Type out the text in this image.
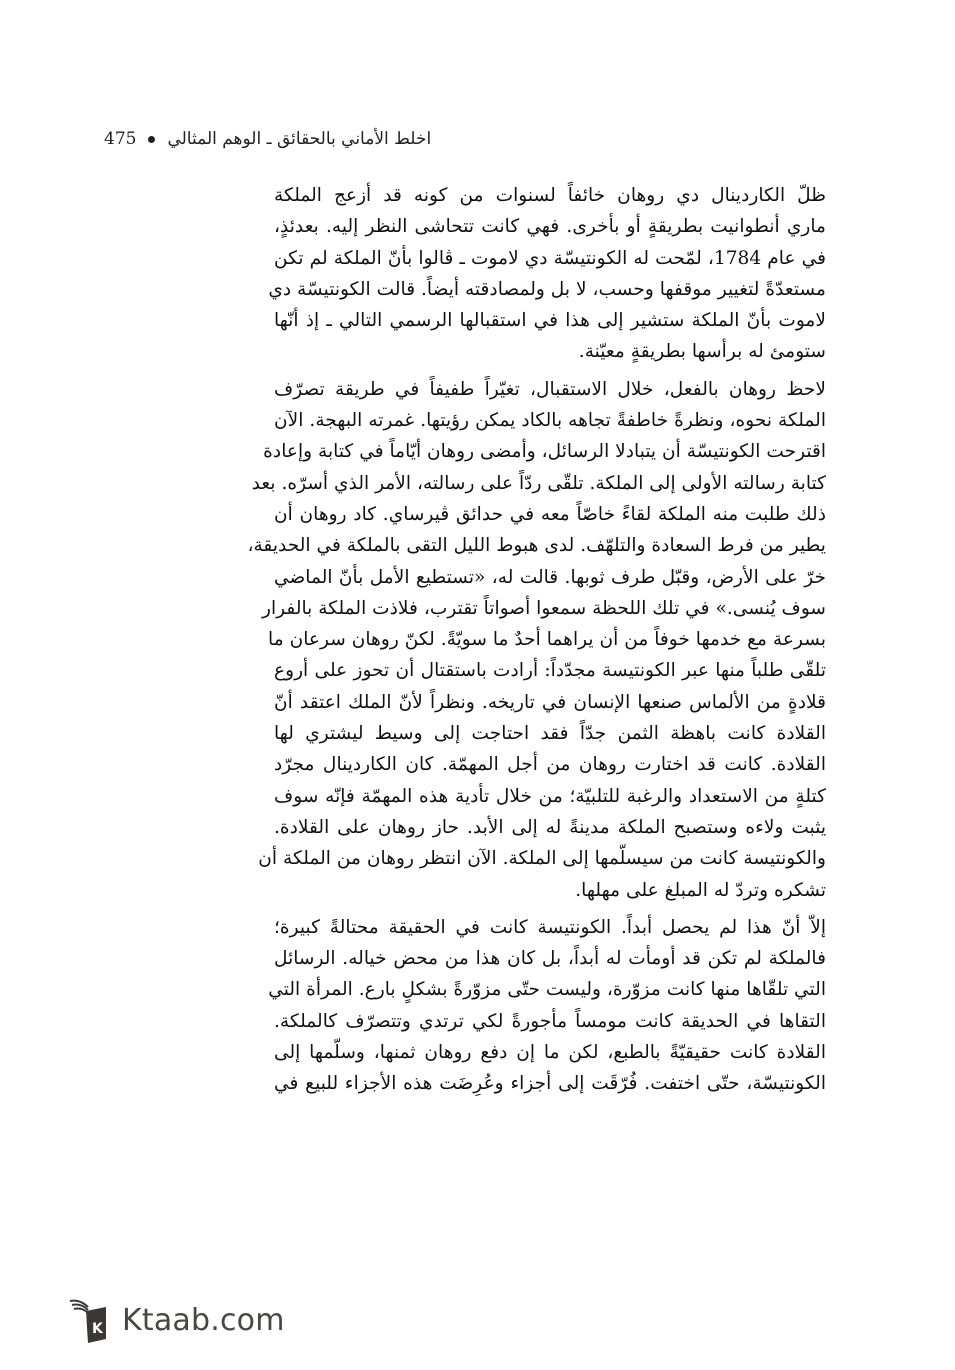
475 اخلط الأماني بالحقائق ـ الوهم المثالي

ظلّ الكاردينال دي روهان خائفاً لسنوات من كونه قد أزعج الملكة
ماري أنطوانيت بطريقةٍ أو بأخرى. فهي كانت تتحاشى النظر إليه. بعدئذٍ،
في عام 1784، لمّحت له الكونتيسّة دي لاموت ـ ڤالوا بأنّ الملكة لم تكن
مستعدّةً لتغيير موقفها وحسب، لا بل ولمصادقته أيضاً. قالت الكونتيسّة دي
لاموت بأنّ الملكة ستشير إلى هذا في استقبالها الرسمي التالي ـ إذ أنّها
ستومئ له برأسها بطريقةٍ معيّنة.

لاحظ روهان بالفعل، خلال الاستقبال، تغيّراً طفيفاً في طريقة تصرّف
الملكة نحوه، ونظرةً خاطفةً تجاهه بالكاد يمكن رؤيتها. غمرته البهجة. الآن
اقترحت الكونتيسّة أن يتبادلا الرسائل، وأمضى روهان أيّاماً في كتابة وإعادة
كتابة رسالته الأولى إلى الملكة. تلقّى ردّاً على رسالته، الأمر الذي أسرّه. بعد
ذلك طلبت منه الملكة لقاءً خاصّاً معه في حدائق ڤيرساي. كاد روهان أن
يطير من فرط السعادة والتلهّف. لدى هبوط الليل التقى بالملكة في الحديقة،
خرّ على الأرض، وقبّل طرف ثوبها. قالت له، «تستطيع الأمل بأنّ الماضي
سوف يُنسى.» في تلك اللحظة سمعوا أصواتاً تقترب، فلاذت الملكة بالفرار
بسرعة مع خدمها خوفاً من أن يراهما أحدٌ ما سويّةً. لكنّ روهان سرعان ما
تلقّى طلباً منها عبر الكونتيسة مجدّداً: أرادت باستقتال أن تحوز على أروع
قلادةٍ من الألماس صنعها الإنسان في تاريخه. ونظراً لأنّ الملك اعتقد أنّ
القلادة كانت باهظة الثمن جدّاً فقد احتاجت إلى وسيط ليشتري لها
القلادة. كانت قد اختارت روهان من أجل المهمّة. كان الكاردينال مجرّد
كتلةٍ من الاستعداد والرغبة للتلبيّة؛ من خلال تأدية هذه المهمّة فإنّه سوف
يثبت ولاءه وستصبح الملكة مدينةً له إلى الأبد. حاز روهان على القلادة.
والكونتيسة كانت من سيسلّمها إلى الملكة. الآن انتظر روهان من الملكة أن
تشكره وتردّ له المبلغ على مهلها.

إلاّ أنّ هذا لم يحصل أبداً. الكونتيسة كانت في الحقيقة محتالةً كبيرة؛
فالملكة لم تكن قد أومأت له أبداً، بل كان هذا من محض خياله. الرسائل
التي تلقّاها منها كانت مزوّرة، وليست حتّى مزوّرةً بشكلٍ بارع. المرأة التي
التقاها في الحديقة كانت مومساً مأجورةً لكي ترتدي وتتصرّف كالملكة.
القلادة كانت حقيقيّةً بالطبع، لكن ما إن دفع روهان ثمنها، وسلّمها إلى
الكونتيسّة، حتّى اختفت. فُرّقَت إلى أجزاء وعُرِضَت هذه الأجزاء للبيع في

K Ktaab.com
